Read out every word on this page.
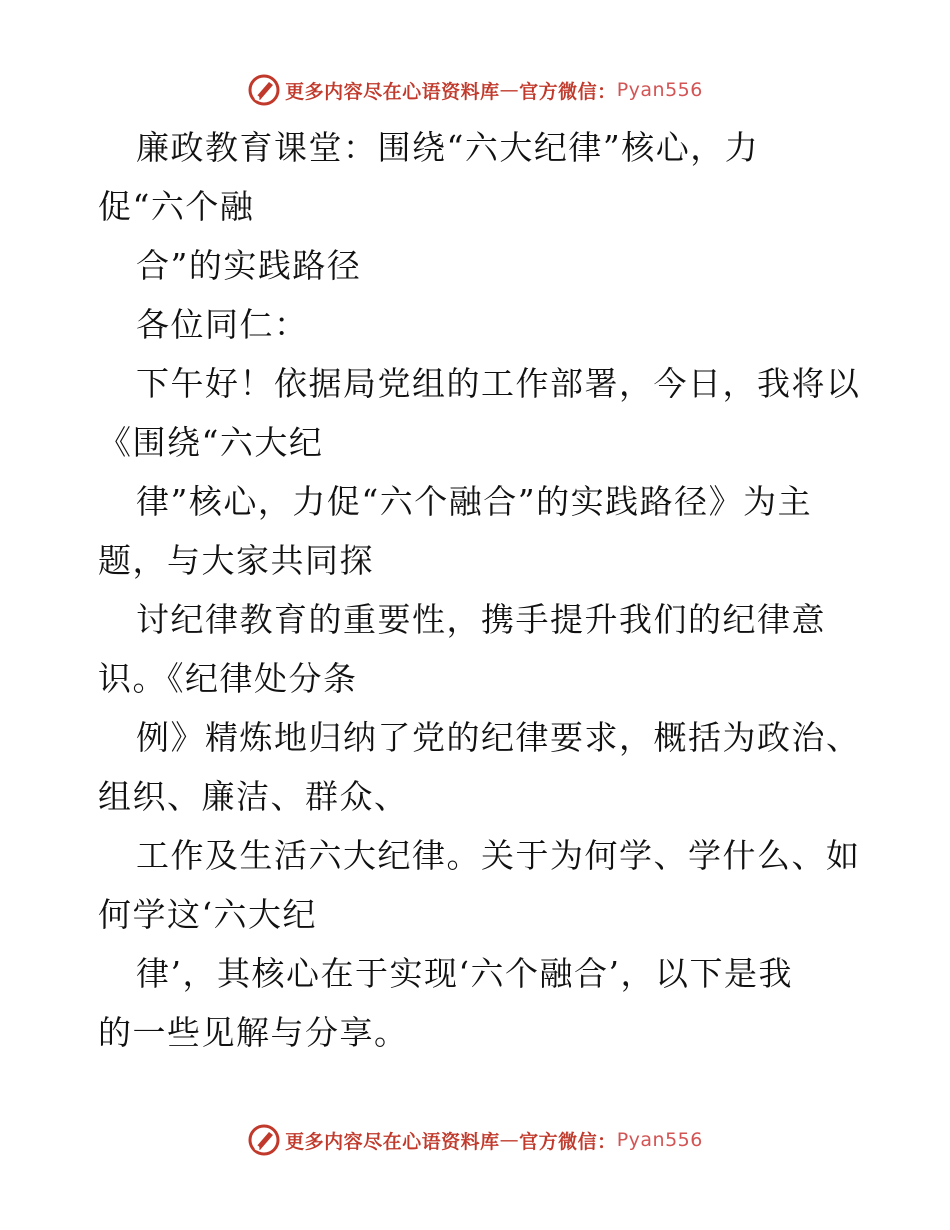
更多内容尽在心语资料库 — 官方微信： Pyan556
廉政教育课堂：围绕“六大纪律”核心，力
促“六个融
合”的实践路径
各位同仁：
下午好！依据局党组的工作部署，今日，我将以
《围绕“六大纪
律”核心，力促“六个融合”的实践路径》为主
题，与大家共同探
讨纪律教育的重要性，携手提升我们的纪律意
识。《纪律处分条
例》精炼地归纳了党的纪律要求，概括为政治、
组织、廉洁、群众、
工作及生活六大纪律。关于为何学、学什么、如
何学这‘六大纪
律’，其核心在于实现‘六个融合’，以下是我
的一些见解与分享。
更多内容尽在心语资料库 — 官方微信： Pyan556
